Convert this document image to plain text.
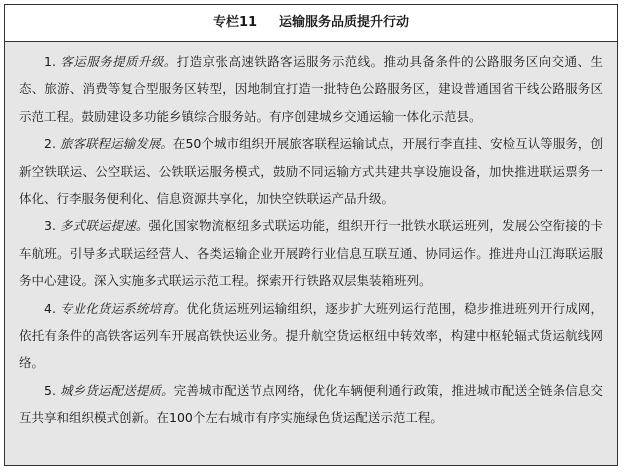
专栏11 运输服务品质提升行动

1. 客运服务提质升级。打造京张高速铁路客运服务示范线。推动具备条件的公路服务区向交通、生态、旅游、消费等复合型服务区转型，因地制宜打造一批特色公路服务区，建设普通国省干线公路服务区示范工程。鼓励建设多功能乡镇综合服务站。有序创建城乡交通运输一体化示范县。

2. 旅客联程运输发展。在50个城市组织开展旅客联程运输试点，开展行李直挂、安检互认等服务，创新空铁联运、公空联运、公铁联运服务模式，鼓励不同运输方式共建共享设施设备，加快推进联运票务一体化、行李服务便利化、信息资源共享化，加快空铁联运产品升级。

3. 多式联运提速。强化国家物流枢纽多式联运功能，组织开行一批铁水联运班列，发展公空衔接的卡车航班。引导多式联运经营人、各类运输企业开展跨行业信息互联互通、协同运作。推进舟山江海联运服务中心建设。深入实施多式联运示范工程。探索开行铁路双层集装箱班列。

4. 专业化货运系统培育。优化货运班列运输组织，逐步扩大班列运行范围，稳步推进班列开行成网，依托有条件的高铁客运列车开展高铁快运业务。提升航空货运枢纽中转效率，构建中枢轮辐式货运航线网络。

5. 城乡货运配送提质。完善城市配送节点网络，优化车辆便利通行政策，推进城市配送全链条信息交互共享和组织模式创新。在100个左右城市有序实施绿色货运配送示范工程。
